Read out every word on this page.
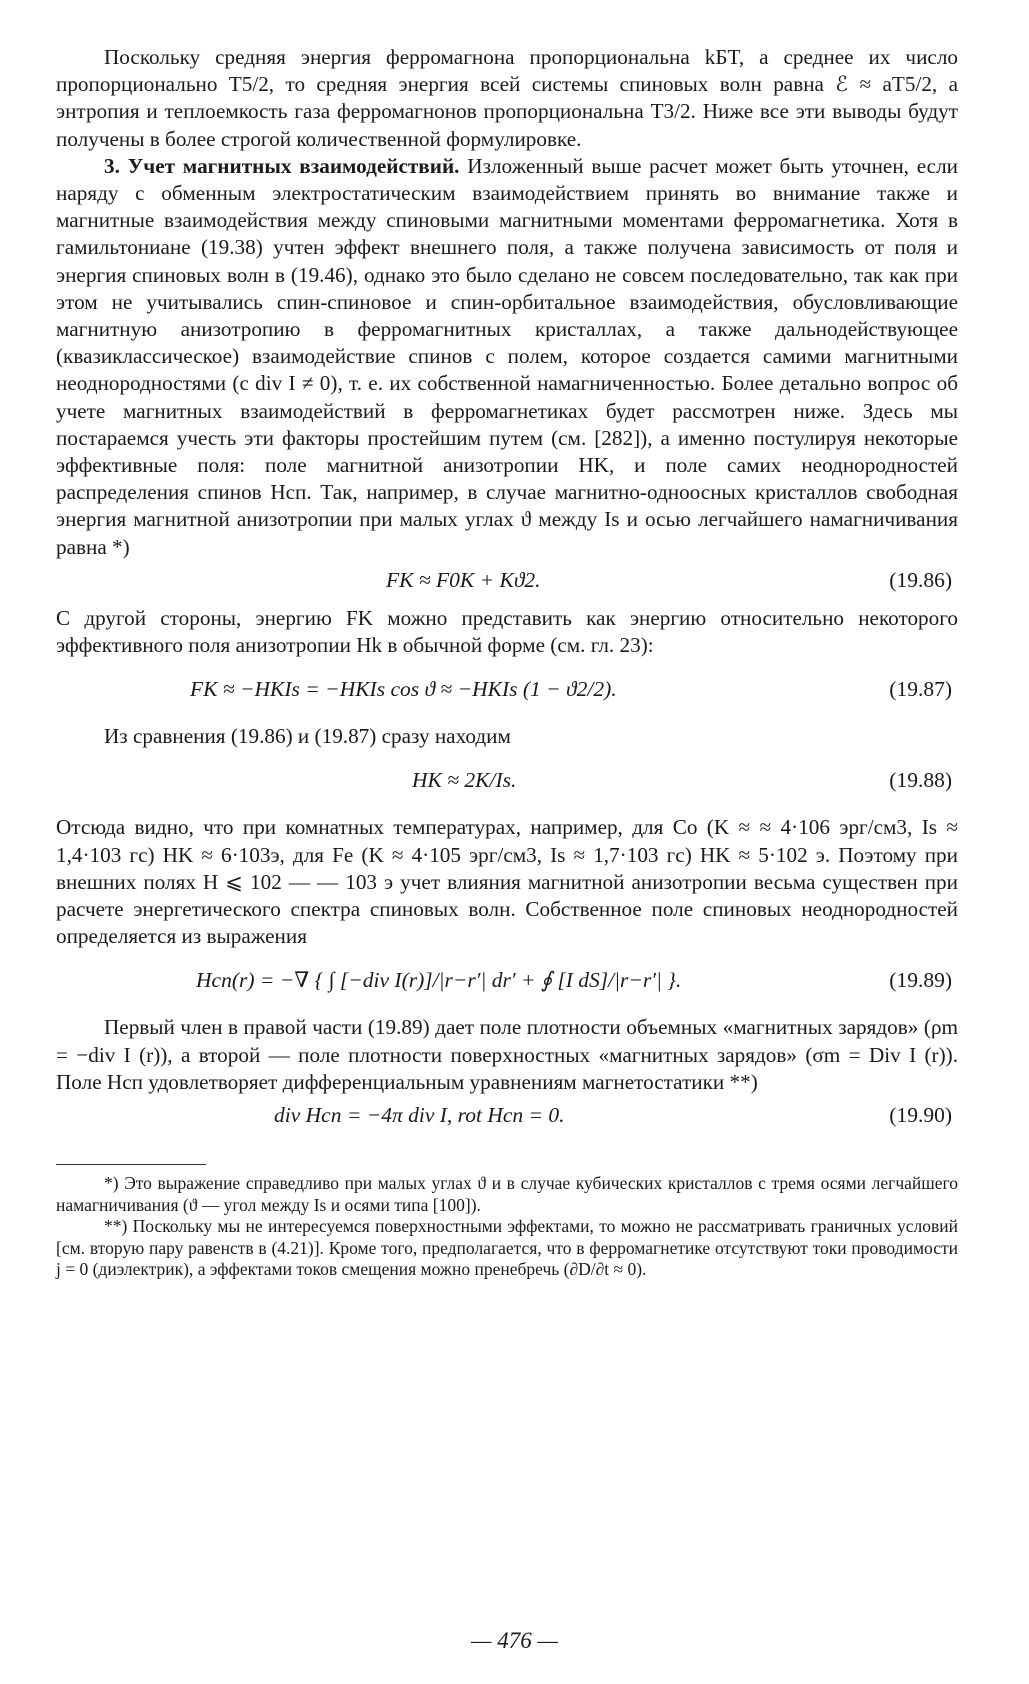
Поскольку средняя энергия ферромагнона пропорциональна kБT, а среднее их число пропорционально T5/2, то средняя энергия всей системы спиновых волн равна ℰ ≈ aT5/2, а энтропия и теплоемкость газа ферромагнонов пропорциональна T3/2. Ниже все эти выводы будут получены в более строгой количественной формулировке.

3. Учет магнитных взаимодействий. Изложенный выше расчет может быть уточнен, если наряду с обменным электростатическим взаимодействием принять во внимание также и магнитные взаимодействия между спиновыми магнитными моментами ферромагнетика. Хотя в гамильтониане (19.38) учтен эффект внешнего поля, а также получена зависимость от поля и энергия спиновых волн в (19.46), однако это было сделано не совсем последовательно, так как при этом не учитывались спин-спиновое и спин-орбитальное взаимодействия, обусловливающие магнитную анизотропию в ферромагнитных кристаллах, а также дальнодействующее (квазиклассическое) взаимодействие спинов с полем, которое создается самими магнитными неоднородностями (с div I ≠ 0), т. е. их собственной намагниченностью. Более детально вопрос об учете магнитных взаимодействий в ферромагнетиках будет рассмотрен ниже. Здесь мы постараемся учесть эти факторы простейшим путем (см. [282]), а именно постулируя некоторые эффективные поля: поле магнитной анизотропии HK, и поле самих неоднородностей распределения спинов Hсп. Так, например, в случае магнитно-одноосных кристаллов свободная энергия магнитной анизотропии при малых углах ϑ между Is и осью легчайшего намагничивания равна *)

FK ≈ F0K + Kϑ2.	(19.86)

С другой стороны, энергию FK можно представить как энергию относительно некоторого эффективного поля анизотропии Hk в обычной форме (см. гл. 23):

FK ≈ −HKIs = −HKIs cos ϑ ≈ −HKIs (1 − ϑ2/2).	(19.87)

Из сравнения (19.86) и (19.87) сразу находим

HK ≈ 2K/Is.	(19.88)

Отсюда видно, что при комнатных температурах, например, для Co (K ≈ ≈ 4·106 эрг/см3, Is ≈ 1,4·103 гс) HK ≈ 6·103э, для Fe (K ≈ 4·105 эрг/см3, Is ≈ 1,7·103 гс) HK ≈ 5·102 э. Поэтому при внешних полях H ⩽ 102 — — 103 э учет влияния магнитной анизотропии весьма существен при расчете энергетического спектра спиновых волн. Собственное поле спиновых неоднородностей определяется из выражения

Hсп(r) = −∇ { ∫ [−div I(r)]/|r−r′| dr′ + ∮ [I dS]/|r−r′| }.	(19.89)

Первый член в правой части (19.89) дает поле плотности объемных «магнитных зарядов» (ρm = −div I (r)), а второй — поле плотности поверхностных «магнитных зарядов» (σm = Div I (r)). Поле Hсп удовлетворяет дифференциальным уравнениям магнетостатики **)

div Hсп = −4π div I, rot Hсп = 0.	(19.90)

*) Это выражение справедливо при малых углах ϑ и в случае кубических кристаллов с тремя осями легчайшего намагничивания (ϑ — угол между Is и осями типа [100]).

**) Поскольку мы не интересуемся поверхностными эффектами, то можно не рассматривать граничных условий [см. вторую пару равенств в (4.21)]. Кроме того, предполагается, что в ферромагнетике отсутствуют токи проводимости j = 0 (диэлектрик), а эффектами токов смещения можно пренебречь (∂D/∂t ≈ 0).

— 476 —
